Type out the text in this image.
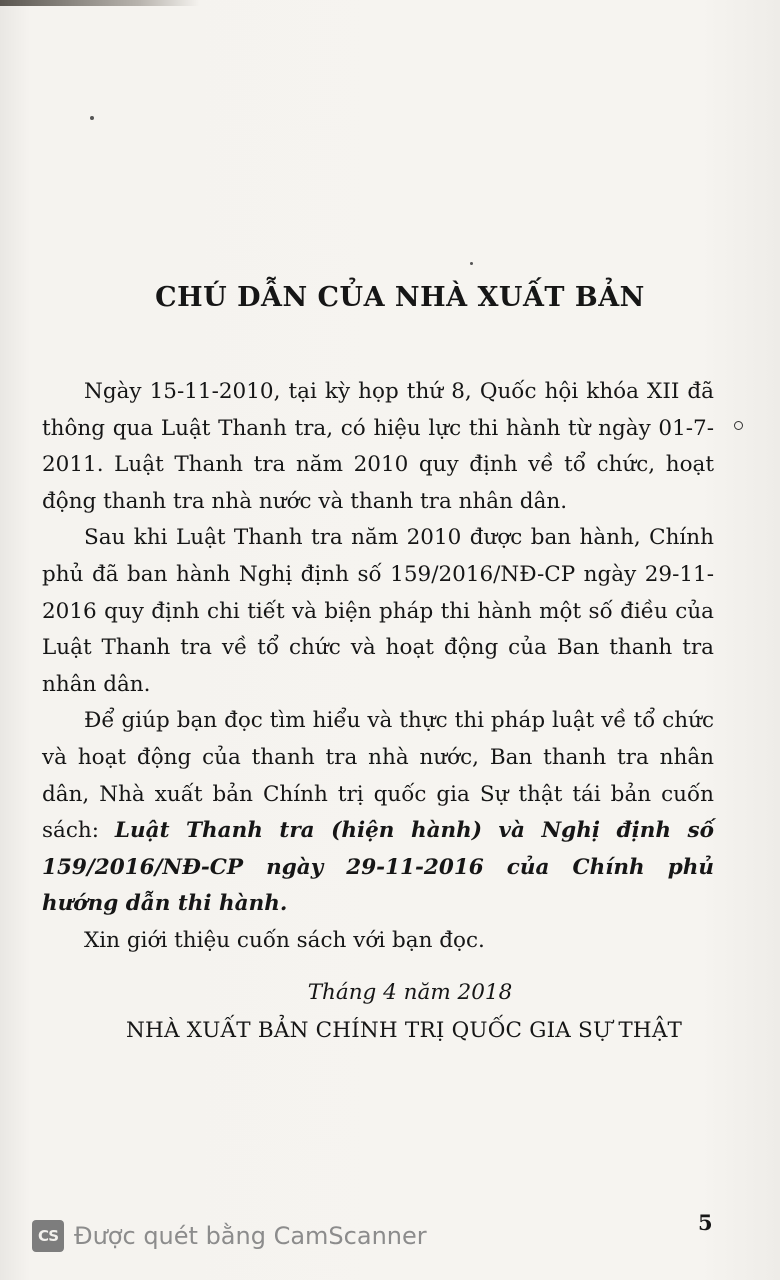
CHÚ DẪN CỦA NHÀ XUẤT BẢN

Ngày 15-11-2010, tại kỳ họp thứ 8, Quốc hội khóa XII đã thông qua Luật Thanh tra, có hiệu lực thi hành từ ngày 01-7-2011. Luật Thanh tra năm 2010 quy định về tổ chức, hoạt động thanh tra nhà nước và thanh tra nhân dân.

Sau khi Luật Thanh tra năm 2010 được ban hành, Chính phủ đã ban hành Nghị định số 159/2016/NĐ-CP ngày 29-11-2016 quy định chi tiết và biện pháp thi hành một số điều của Luật Thanh tra về tổ chức và hoạt động của Ban thanh tra nhân dân.

Để giúp bạn đọc tìm hiểu và thực thi pháp luật về tổ chức và hoạt động của thanh tra nhà nước, Ban thanh tra nhân dân, Nhà xuất bản Chính trị quốc gia Sự thật tái bản cuốn sách: Luật Thanh tra (hiện hành) và Nghị định số 159/2016/NĐ-CP ngày 29-11-2016 của Chính phủ hướng dẫn thi hành.

Xin giới thiệu cuốn sách với bạn đọc.

Tháng 4 năm 2018
NHÀ XUẤT BẢN CHÍNH TRỊ QUỐC GIA SỰ THẬT
CS Được quét bằng CamScanner	5
